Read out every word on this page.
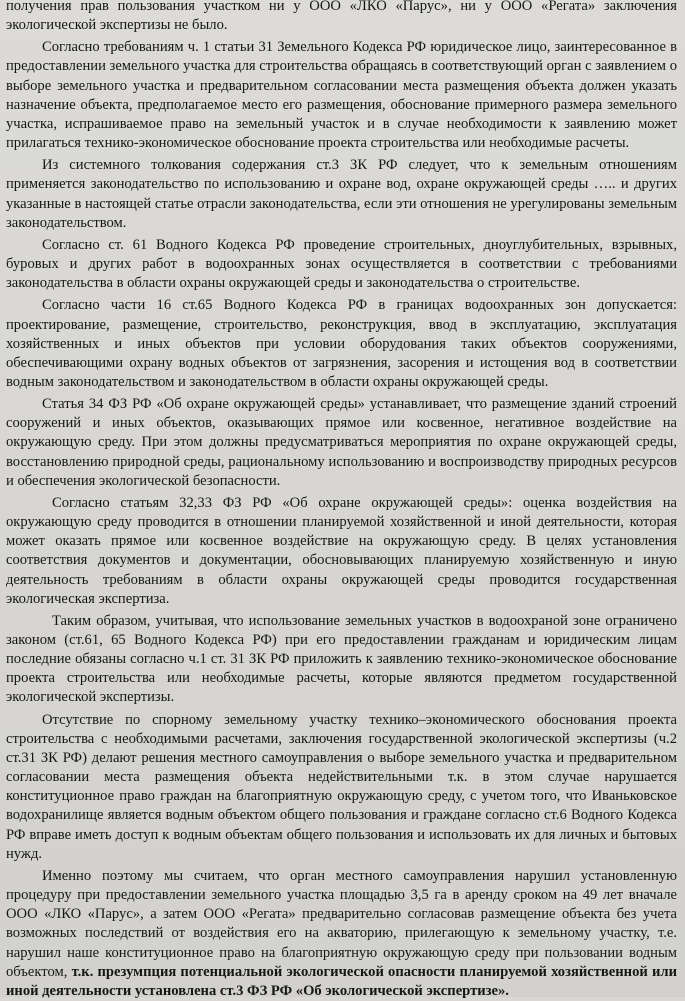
получения прав пользования участком ни у ООО «ЛКО «Парус», ни у ООО «Регата» заключения экологической экспертизы не было.

Согласно требованиям ч. 1 статьи 31 Земельного Кодекса РФ юридическое лицо, заинтересованное в предоставлении земельного участка для строительства обращаясь в соответствующий орган с заявлением о выборе земельного участка и предварительном согласовании места размещения объекта должен указать назначение объекта, предполагаемое место его размещения, обоснование примерного размера земельного участка, испрашиваемое право на земельный участок и в случае необходимости к заявлению может прилагаться технико-экономическое обоснование проекта строительства или необходимые расчеты.

Из системного толкования содержания ст.3 ЗК РФ следует, что к земельным отношениям применяется законодательство по использованию и охране вод, охране окружающей среды ….. и других указанные в настоящей статье отрасли законодательства, если эти отношения не урегулированы земельным законодательством.

Согласно ст. 61 Водного Кодекса РФ проведение строительных, дноуглубительных, взрывных, буровых и других работ в водоохранных зонах осуществляется в соответствии с требованиями законодательства в области охраны окружающей среды и законодательства о строительстве.

Согласно части 16 ст.65 Водного Кодекса РФ в границах водоохранных зон допускается: проектирование, размещение, строительство, реконструкция, ввод в эксплуатацию, эксплуатация хозяйственных и иных объектов при условии оборудования таких объектов сооружениями, обеспечивающими охрану водных объектов от загрязнения, засорения и истощения вод в соответствии водным законодательством и законодательством в области охраны окружающей среды.

Статья 34 ФЗ РФ «Об охране окружающей среды» устанавливает, что размещение зданий строений сооружений и иных объектов, оказывающих прямое или косвенное, негативное воздействие на окружающую среду. При этом должны предусматриваться мероприятия по охране окружающей среды, восстановлению природной среды, рациональному использованию и воспроизводству природных ресурсов и обеспечения экологической безопасности.

Согласно статьям 32,33 ФЗ РФ «Об охране окружающей среды»: оценка воздействия на окружающую среду проводится в отношении планируемой хозяйственной и иной деятельности, которая может оказать прямое или косвенное воздействие на окружающую среду. В целях установления соответствия документов и документации, обосновывающих планируемую хозяйственную и иную деятельность требованиям в области охраны окружающей среды проводится государственная экологическая экспертиза.

Таким образом, учитывая, что использование земельных участков в водоохраной зоне ограничено законом (ст.61, 65 Водного Кодекса РФ) при его предоставлении гражданам и юридическим лицам последние обязаны согласно ч.1 ст. 31 ЗК РФ приложить к заявлению технико-экономическое обоснование проекта строительства или необходимые расчеты, которые являются предметом государственной экологической экспертизы.

Отсутствие по спорному земельному участку технико–экономического обоснования проекта строительства с необходимыми расчетами, заключения государственной экологической экспертизы (ч.2 ст.31 ЗК РФ) делают решения местного самоуправления о выборе земельного участка и предварительном согласовании места размещения объекта недействительными т.к. в этом случае нарушается конституционное право граждан на благоприятную окружающую среду, с учетом того, что Иваньковское водохранилище является водным объектом общего пользования и граждане согласно ст.6 Водного Кодекса РФ вправе иметь доступ к водным объектам общего пользования и использовать их для личных и бытовых нужд.

Именно поэтому мы считаем, что орган местного самоуправления нарушил установленную процедуру при предоставлении земельного участка площадью 3,5 га в аренду сроком на 49 лет вначале ООО «ЛКО «Парус», а затем ООО «Регата» предварительно согласовав размещение объекта без учета возможных последствий от воздействия его на акваторию, прилегающую к земельному участку, т.е. нарушил наше конституционное право на благоприятную окружающую среду при пользовании водным объектом, т.к. презумпция потенциальной экологической опасности планируемой хозяйственной или иной деятельности установлена ст.3 ФЗ РФ «Об экологической экспертизе».
